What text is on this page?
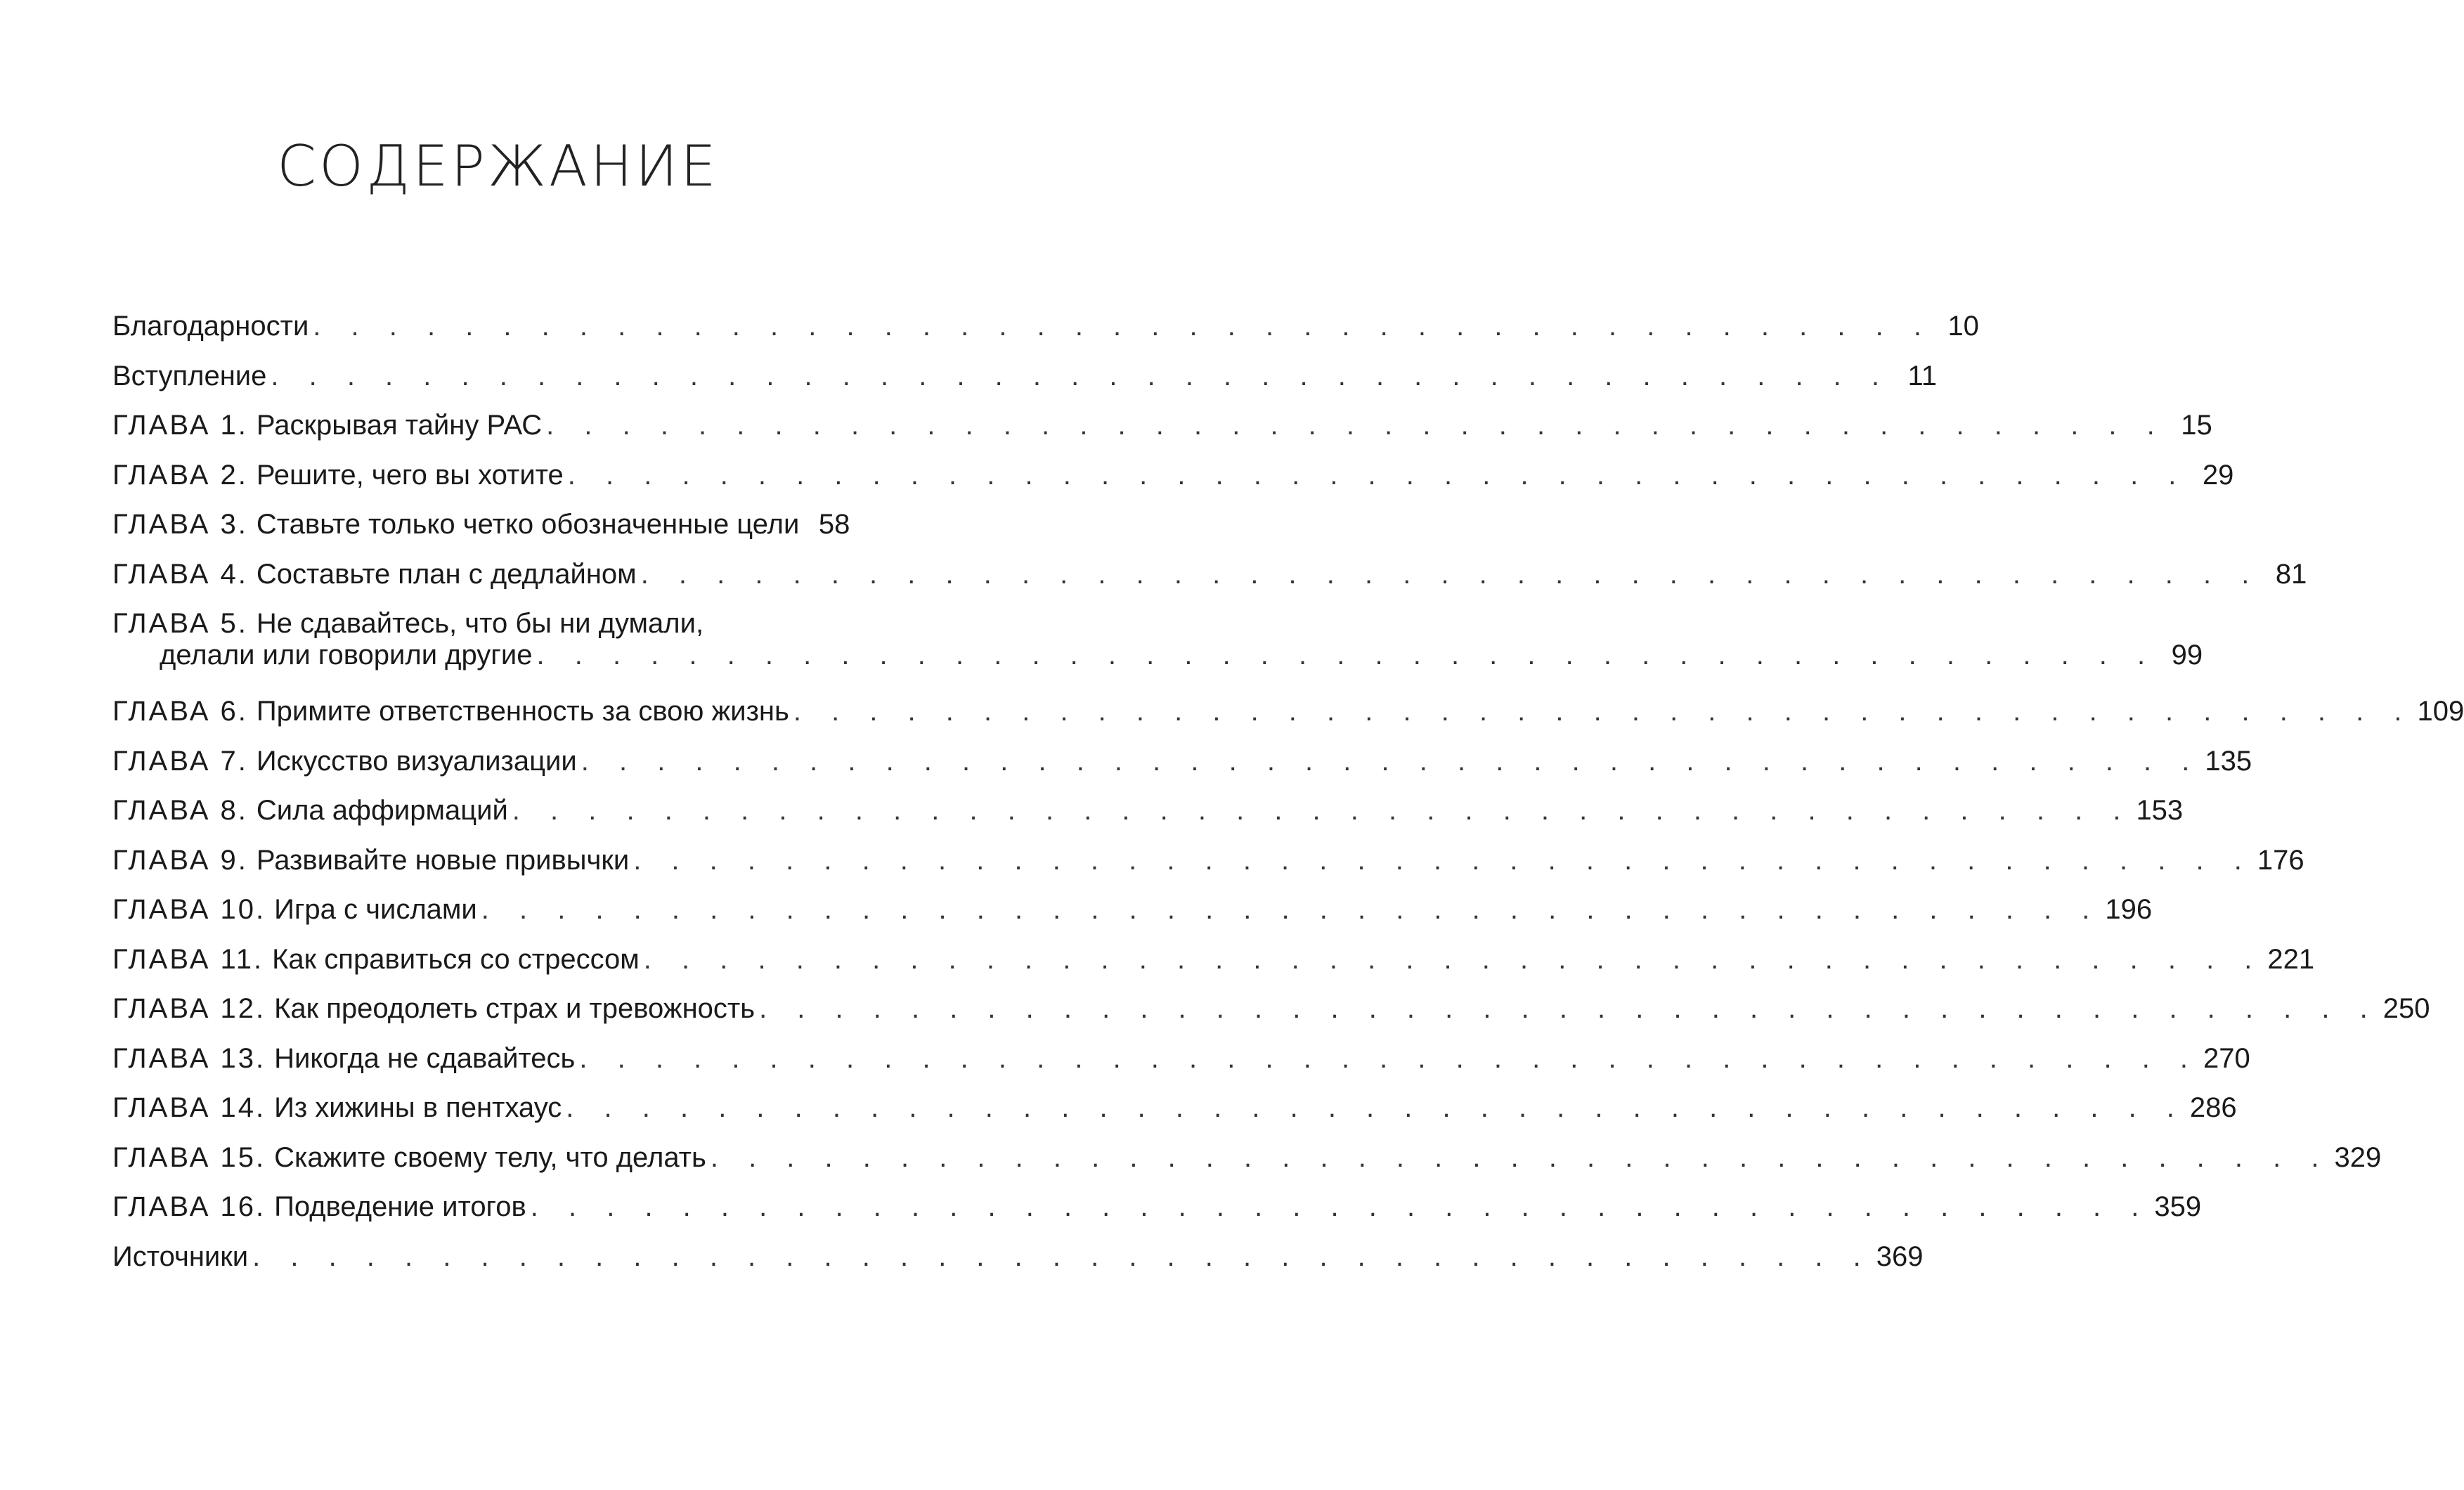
СОДЕРЖАНИЕ
Благодарности . . . . . . . . . . . . . . . . . . . . . . . . . . . . . . . . . . . . . . . . . . . 10
Вступление . . . . . . . . . . . . . . . . . . . . . . . . . . . . . . . . . . . . . . . . . . . 11
ГЛАВА 1. Раскрывая тайну РАС . . . . . . . . . . . . . . . . . . . . . . . . . . . . . . . . . . . . . . . . . . . 15
ГЛАВА 2. Решите, чего вы хотите . . . . . . . . . . . . . . . . . . . . . . . . . . . . . . . . . . . . . . . . . . . 29
ГЛАВА 3. Ставьте только четко обозначенные цели 58
ГЛАВА 4. Составьте план с дедлайном . . . . . . . . . . . . . . . . . . . . . . . . . . . . . . . . . . . . . . . . . . . 81
ГЛАВА 5. Не сдавайтесь, что бы ни думали,
делали или говорили другие . . . . . . . . . . . . . . . . . . . . . . . . . . . . . . . . . . . . . . . . . . . 99
ГЛАВА 6. Примите ответственность за свою жизнь . . . . . . . . . . . . . . . . . . . . . . . . . . . . . . . . . . . . . . . . . . . 109
ГЛАВА 7. Искусство визуализации . . . . . . . . . . . . . . . . . . . . . . . . . . . . . . . . . . . . . . . . . . . 135
ГЛАВА 8. Сила аффирмаций . . . . . . . . . . . . . . . . . . . . . . . . . . . . . . . . . . . . . . . . . . . 153
ГЛАВА 9. Развивайте новые привычки . . . . . . . . . . . . . . . . . . . . . . . . . . . . . . . . . . . . . . . . . . . 176
ГЛАВА 10. Игра с числами . . . . . . . . . . . . . . . . . . . . . . . . . . . . . . . . . . . . . . . . . . . 196
ГЛАВА 11. Как справиться со стрессом . . . . . . . . . . . . . . . . . . . . . . . . . . . . . . . . . . . . . . . . . . . 221
ГЛАВА 12. Как преодолеть страх и тревожность . . . . . . . . . . . . . . . . . . . . . . . . . . . . . . . . . . . . . . . . . . . 250
ГЛАВА 13. Никогда не сдавайтесь . . . . . . . . . . . . . . . . . . . . . . . . . . . . . . . . . . . . . . . . . . . 270
ГЛАВА 14. Из хижины в пентхаус . . . . . . . . . . . . . . . . . . . . . . . . . . . . . . . . . . . . . . . . . . . 286
ГЛАВА 15. Скажите своему телу, что делать . . . . . . . . . . . . . . . . . . . . . . . . . . . . . . . . . . . . . . . . . . . 329
ГЛАВА 16. Подведение итогов . . . . . . . . . . . . . . . . . . . . . . . . . . . . . . . . . . . . . . . . . . . 359
Источники . . . . . . . . . . . . . . . . . . . . . . . . . . . . . . . . . . . . . . . . . . . 369
